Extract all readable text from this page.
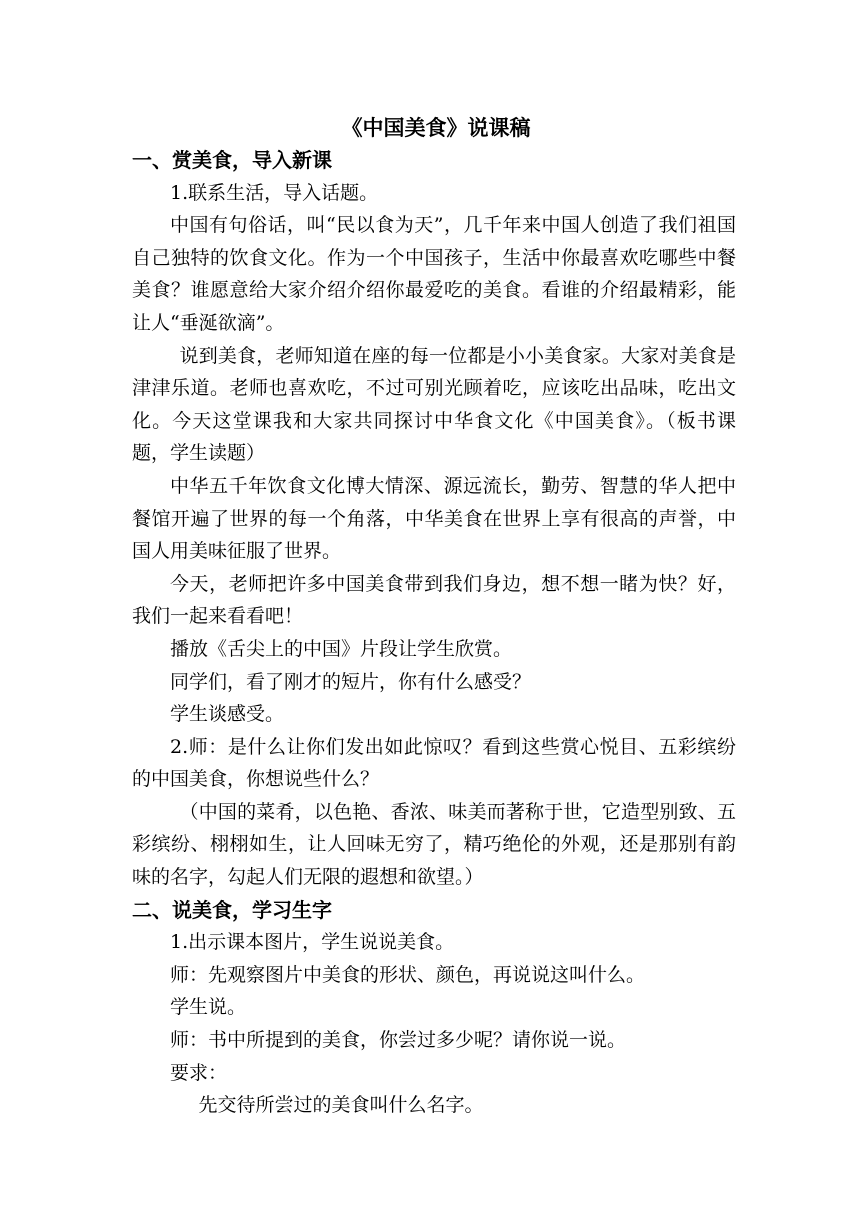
《中国美食》说课稿

一、赏美食，导入新课

1.联系生活，导入话题。

中国有句俗话，叫“民以食为天”，几千年来中国人创造了我们祖国自己独特的饮食文化。作为一个中国孩子，生活中你最喜欢吃哪些中餐美食？谁愿意给大家介绍介绍你最爱吃的美食。看谁的介绍最精彩，能让人“垂涎欲滴”。

说到美食，老师知道在座的每一位都是小小美食家。大家对美食是津津乐道。老师也喜欢吃，不过可别光顾着吃，应该吃出品味，吃出文化。今天这堂课我和大家共同探讨中华食文化《中国美食》。（板书课题，学生读题）

中华五千年饮食文化博大情深、源远流长，勤劳、智慧的华人把中餐馆开遍了世界的每一个角落，中华美食在世界上享有很高的声誉，中国人用美味征服了世界。

今天，老师把许多中国美食带到我们身边，想不想一睹为快？好，我们一起来看看吧！

播放《舌尖上的中国》片段让学生欣赏。

同学们，看了刚才的短片，你有什么感受？

学生谈感受。

2.师：是什么让你们发出如此惊叹？看到这些赏心悦目、五彩缤纷的中国美食，你想说些什么？

（中国的菜肴，以色艳、香浓、味美而著称于世，它造型别致、五彩缤纷、栩栩如生，让人回味无穷了，精巧绝伦的外观，还是那别有韵味的名字，勾起人们无限的遐想和欲望。）

二、说美食，学习生字

1.出示课本图片，学生说说美食。

师：先观察图片中美食的形状、颜色，再说说这叫什么。

学生说。

师：书中所提到的美食，你尝过多少呢？请你说一说。

要求：

先交待所尝过的美食叫什么名字。
